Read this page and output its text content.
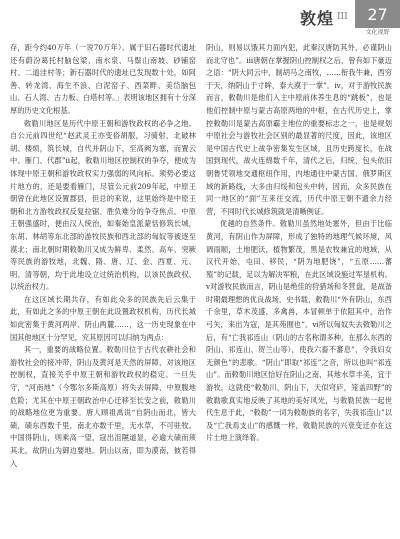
敦煌 III	27
文化视野

存，距今约40万年（一说70万年）。属于旧石器时代遗址还有蔚汾葛托村脑包梁、南水泉、马鬃山南坡、砂铺窑村、二道洼村等；新石器时代的遗址已发现数十处，如阿善、转龙湾、海生不浪、白泥窑子、西菜畔、美岱脑包山、石人湾、古力板、白塔村等。」表明该地区拥有十分深厚的历史文化根基。

敕勒川地区是历代中原王朝和游牧政权的必争之地。自公元前四世纪“赵武灵王亦变俗胡服，习骑射，北破林胡、楼烦，筑长城，自代并阴山下，至高阙为塞，而置云中、雁门、代郡”ii起，敕勒川地区控制权的争夺，便成为体现中原王朝和游牧政权实力强弱的风向标。须势必要这片地方的，还是要看雁门，尽管公元前209年起，中原王朝曾在此地区设置郡县，但总的来说，这里始终是中原王朝和北方游牧政权反复拉锯、胜负难分的争夺焦点。中原王朝强盛时，便由汉人统治，如秦始皇派蒙恬修筑长城，东胡、林胡等东北部的游牧民族和西北部的匈奴等被逐至漠北；南北朝时期敕勒川又成为鲜卑、柔然、高车、突厥等民族的游牧地，北魏、隋、唐、辽、金、西夏、元、明、清等朝，均于此地设立过统治机构，以该民族政权、以统治权力。

在这区域长期共存，有如此众多的民族先后云集于此，有如此之多的中原王朝在此设置政权机构，历代长城如此密集于黄河两岸、阴山两麓……，这一历史现象在中国其他地区十分罕见，究其原因可以归纳为两点：

其一，重要的战略位置。敕勒川位于古代农耕社会和游牧社会的接冲带，阴山及黄河是天然的屏障，对该地区控制权，直接关乎中原王朝和游牧政权的稳定。一旦失守，“河南地”（今鄂尔多斯高原）将失去屏障，中原腹地危险；尤其在中原王朝政治中心迁移至长安之前，敕勒川的战略地位更为重要。唐人顾祖禹说“自阴山而北，皆大碛，碛东西数千里，南北亦数千里，无水草，不可驻牧。中国得阴山，则乘高一望，寇出沮隰道显，必逾大碛而须其北，故阴山为御边要地。阴山以南，即为漠南，彼若得入

阴山，则易以饿其力面内犯，此秦汉唐防其外，必谨阴山而北守也”。iii唐朝在掌握阴山控制权之后，曾有如下豪迈之语：“阴大同云中，制胡马之南牧，……衔我牛兼，西穷于天，纳阴山于寸眸，泰大漠于一掌”。iv，对于游牧民族而言，敕勒川是他们入主中原前休养生息的“跳板”，也是他们控制中原与蒙古高原两地的中枢，在古代历史上，掌控敕勒川是蒙古高原霸主地位的重要标志之一，也是规划中原社会与游牧社会区别的最显著的尺度，因此，该地区是中国古代史上战争密集发生区域，且历史跨度长，在战国到现代，战火连绵数千年，清代之后，归统，包头依旧朝鲁凭领地交通枢纽作用，内地通往中蒙古国、俄罗斯区域的新路线，大多由归绥和包头中转，因而，众多民族在同一地区的“面”互来往交流，历代中原王朝不遗余力经营，不同时代长城修筑就是清晰例证。

优越的自然条件。敕勒川虽然地处塞外，但由于比临黄河，有阴山作为屏障，形成了独特的地理气候环境，风调雨顺，土地肥沃，植物繁茂，黑是农牧兼宜的地域，从汉代开始，屯田、移民，“阴为地肥饶”，“五原……蕃殖”的记载，足以为解决军粮，在此区域设施过军垦机构。v对游牧民族而言，阴山是绝佳的狩猎场和冬营盘，是战备时期最理想的优良战场，史书载，敕勒川“外有阴山，东西千余里，草木茂盛，多禽兽，本冒顿单于依阻其中，治作弓矢，来出为寇，是其苑囿也”。vi所以匈奴失去敕勒川之后，有“亡我祁连山（阴山的古名称谓多种，在那么东西的阴山、祁连山、贺兰山等），使我六畜不蕃息”，令我妇女无颜色”的悲歌。“阴山”即取“祁连”之音，所以也叫“祁连山”。而敕勒川地区恰好在阴山之南，其地水草丰美，宜于游牧，这就使“敕勒川，阴山下，天似穹庐，笼盖四野”的敕勒歌真实地反映了其地的美好风光，与敕勒民族一起世代生息于此，“敕勒”一词为敕勒族的名字，失我祁连山”以及“亡我焉支山”的感慨一样，敕勒民族的兴衰变迁亦在这片土地上演绎着。
